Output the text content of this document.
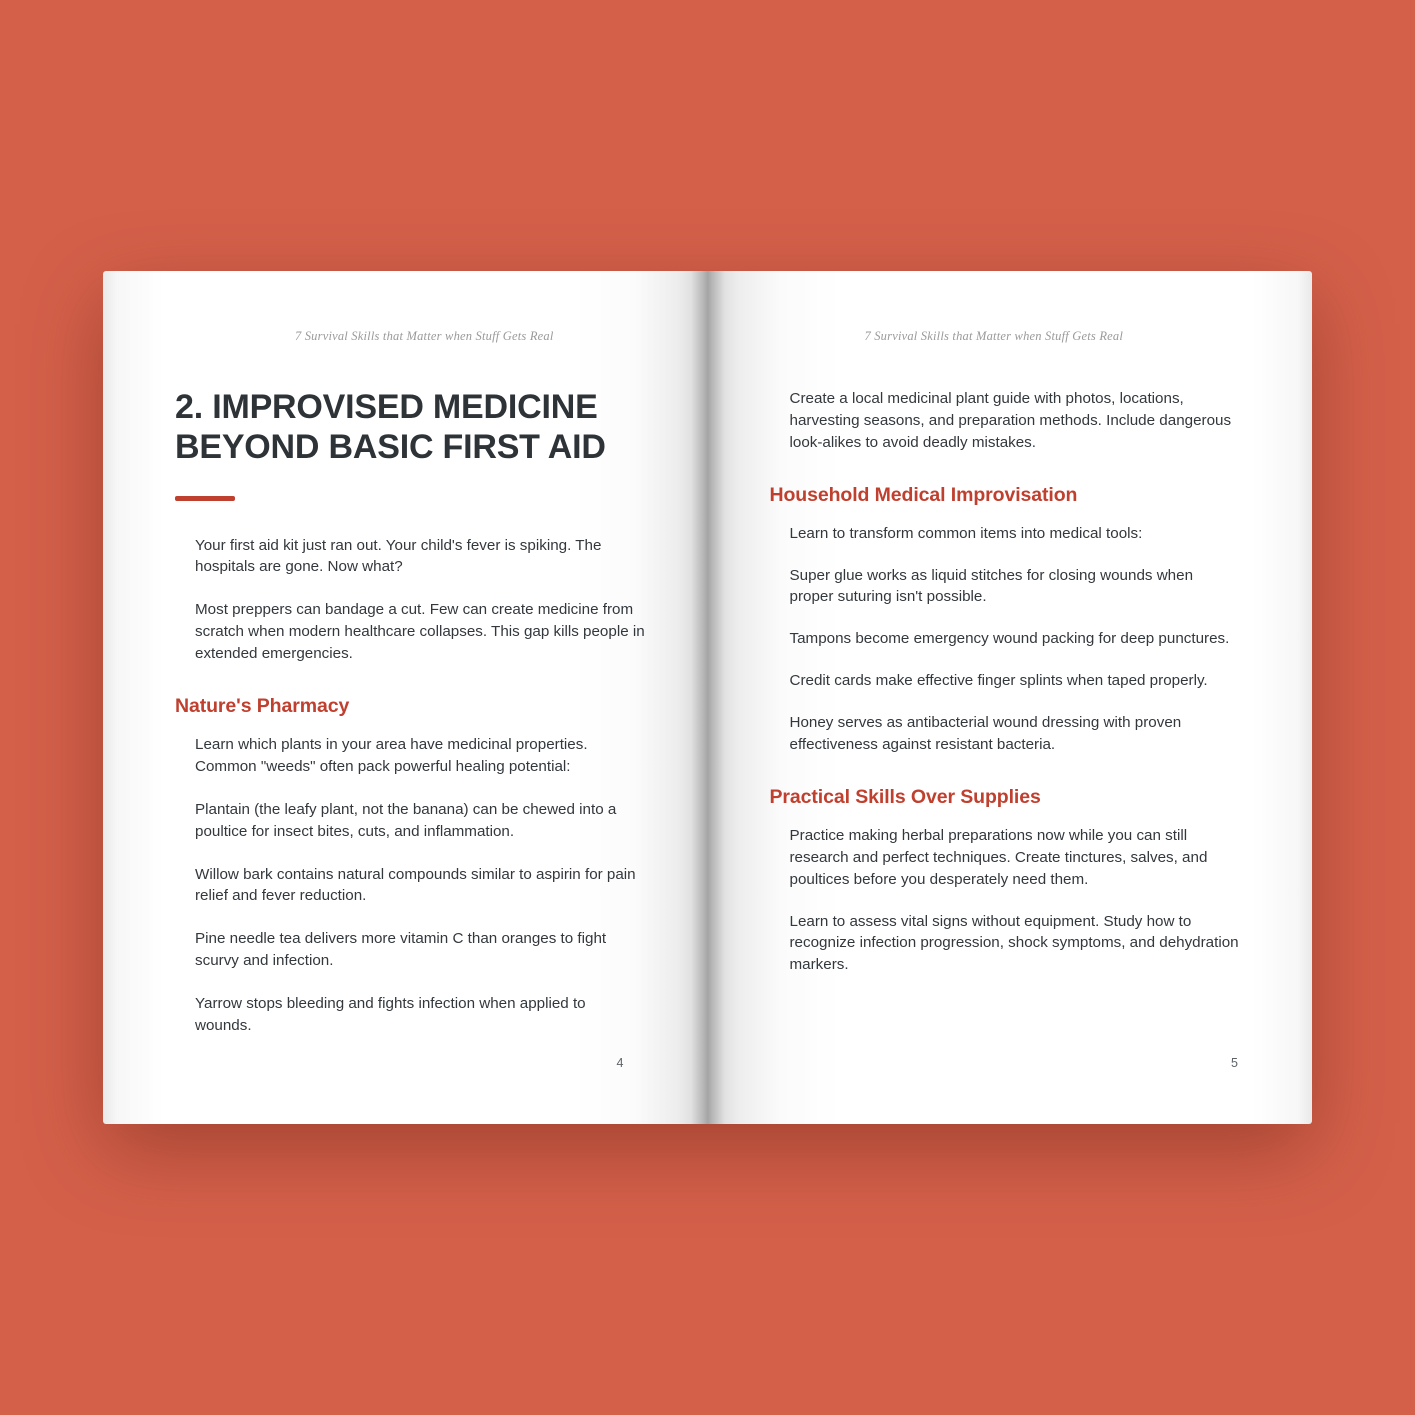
7 Survival Skills that Matter when Stuff Gets Real
2. IMPROVISED MEDICINE BEYOND BASIC FIRST AID

Your first aid kit just ran out. Your child's fever is spiking. The hospitals are gone. Now what?

Most preppers can bandage a cut. Few can create medicine from scratch when modern healthcare collapses. This gap kills people in extended emergencies.

Nature's Pharmacy

Learn which plants in your area have medicinal properties. Common "weeds" often pack powerful healing potential:

Plantain (the leafy plant, not the banana) can be chewed into a poultice for insect bites, cuts, and inflammation.

Willow bark contains natural compounds similar to aspirin for pain relief and fever reduction.

Pine needle tea delivers more vitamin C than oranges to fight scurvy and infection.

Yarrow stops bleeding and fights infection when applied to wounds.

4
7 Survival Skills that Matter when Stuff Gets Real

Create a local medicinal plant guide with photos, locations, harvesting seasons, and preparation methods. Include dangerous look-alikes to avoid deadly mistakes.

Household Medical Improvisation

Learn to transform common items into medical tools:

Super glue works as liquid stitches for closing wounds when proper suturing isn't possible.

Tampons become emergency wound packing for deep punctures.

Credit cards make effective finger splints when taped properly.

Honey serves as antibacterial wound dressing with proven effectiveness against resistant bacteria.

Practical Skills Over Supplies

Practice making herbal preparations now while you can still research and perfect techniques. Create tinctures, salves, and poultices before you desperately need them.

Learn to assess vital signs without equipment. Study how to recognize infection progression, shock symptoms, and dehydration markers.

5
